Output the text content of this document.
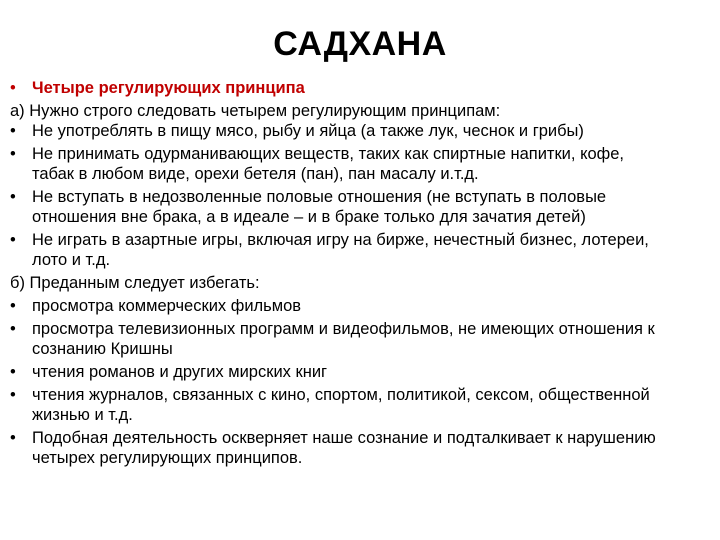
САДХАНА
• Четыре регулирующих принципа
а) Нужно строго следовать четырем регулирующим принципам:
• Не употреблять в пищу мясо, рыбу и яйца (а также лук, чеснок и грибы)
• Не принимать одурманивающих веществ, таких как спиртные напитки, кофе, табак в любом виде, орехи бетеля (пан), пан масалу и.т.д.
• Не вступать в недозволенные половые отношения (не вступать в половые отношения вне брака, а в идеале – и в браке только для зачатия детей)
• Не играть в азартные игры, включая игру на бирже, нечестный бизнес, лотереи, лото и т.д.
б) Преданным следует избегать:
• просмотра коммерческих фильмов
• просмотра телевизионных программ и видеофильмов, не имеющих отношения к сознанию Кришны
• чтения романов и других мирских книг
• чтения журналов, связанных с кино, спортом, политикой, сексом, общественной жизнью и т.д.
• Подобная деятельность оскверняет наше сознание и подталкивает к нарушению четырех регулирующих принципов.
